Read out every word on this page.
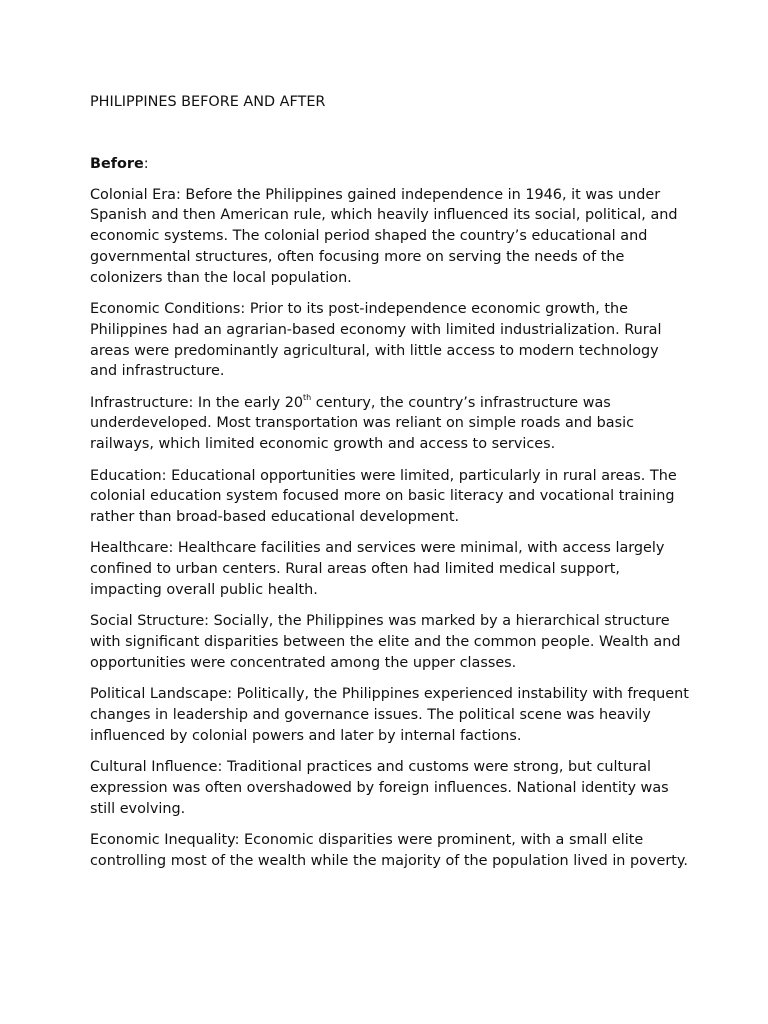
PHILIPPINES BEFORE AND AFTER

Before:

Colonial Era: Before the Philippines gained independence in 1946, it was under Spanish and then American rule, which heavily influenced its social, political, and economic systems. The colonial period shaped the country’s educational and governmental structures, often focusing more on serving the needs of the colonizers than the local population.

Economic Conditions: Prior to its post-independence economic growth, the Philippines had an agrarian-based economy with limited industrialization. Rural areas were predominantly agricultural, with little access to modern technology and infrastructure.

Infrastructure: In the early 20th century, the country’s infrastructure was underdeveloped. Most transportation was reliant on simple roads and basic railways, which limited economic growth and access to services.

Education: Educational opportunities were limited, particularly in rural areas. The colonial education system focused more on basic literacy and vocational training rather than broad-based educational development.

Healthcare: Healthcare facilities and services were minimal, with access largely confined to urban centers. Rural areas often had limited medical support, impacting overall public health.

Social Structure: Socially, the Philippines was marked by a hierarchical structure with significant disparities between the elite and the common people. Wealth and opportunities were concentrated among the upper classes.

Political Landscape: Politically, the Philippines experienced instability with frequent changes in leadership and governance issues. The political scene was heavily influenced by colonial powers and later by internal factions.

Cultural Influence: Traditional practices and customs were strong, but cultural expression was often overshadowed by foreign influences. National identity was still evolving.

Economic Inequality: Economic disparities were prominent, with a small elite controlling most of the wealth while the majority of the population lived in poverty.
